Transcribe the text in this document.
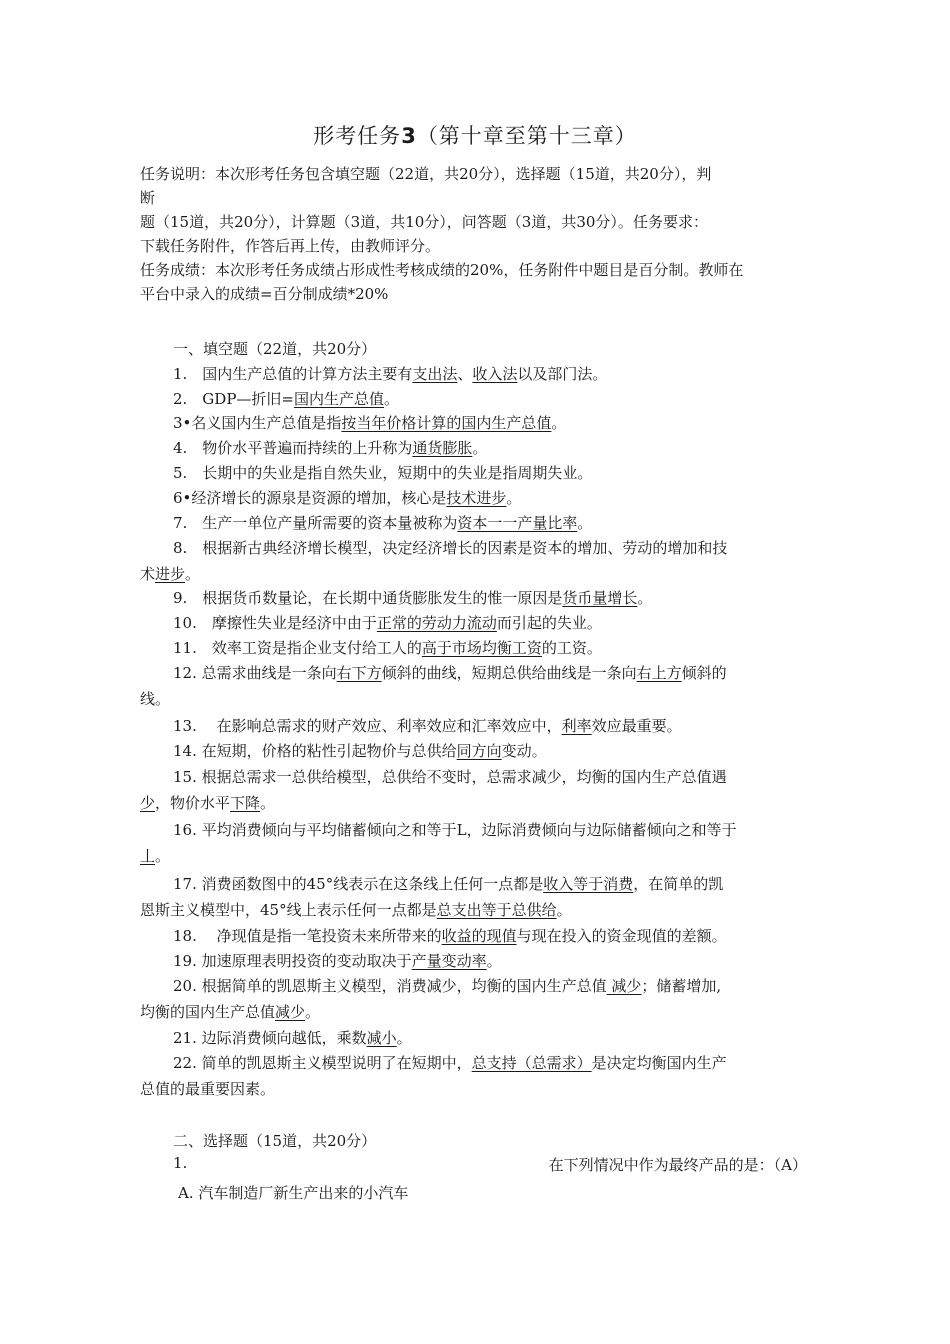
形考任务3（第十章至第十三章）
任务说明：本次形考任务包含填空题（22道，共20分），选择题（15道，共20分），判
断
题（15道，共20分），计算题（3道，共10分），问答题（3道，共30分）。任务要求：
下载任务附件，作答后再上传，由教师评分。
任务成绩：本次形考任务成绩占形成性考核成绩的20%，任务附件中题目是百分制。教师在
平台中录入的成绩=百分制成绩*20%
一、填空题（22道，共20分）
1.　国内生产总值的计算方法主要有支出法、收入法以及部门法。
2.　GDP—折旧=国内生产总值。
3•名义国内生产总值是指按当年价格计算的国内生产总值。
4.　物价水平普遍而持续的上升称为通货膨胀。
5.　长期中的失业是指自然失业，短期中的失业是指周期失业。
6•经济增长的源泉是资源的增加，核心是技术进步。
7.　生产一单位产量所需要的资本量被称为资本一一产量比率。
8.　根据新古典经济增长模型，决定经济增长的因素是资本的增加、劳动的增加和技
术进步。
9.　根据货币数量论，在长期中通货膨胀发生的惟一原因是货币量增长。
10.　摩擦性失业是经济中由于正常的劳动力流动而引起的失业。
11.　效率工资是指企业支付给工人的高于市场均衡工资的工资。
12. 总需求曲线是一条向右下方倾斜的曲线，短期总供给曲线是一条向右上方倾斜的
线。
13.　 在影响总需求的财产效应、利率效应和汇率效应中，利率效应最重要。
14. 在短期，价格的粘性引起物价与总供给同方向变动。
15. 根据总需求一总供给模型，总供给不变时，总需求减少，均衡的国内生产总值遇
少，物价水平下降。
16. 平均消费倾向与平均储蓄倾向之和等于L，边际消费倾向与边际储蓄倾向之和等于
丄。
17. 消费函数图中的45°线表示在这条线上任何一点都是收入等于消费，在简单的凯
恩斯主义模型中，45°线上表示任何一点都是总支出等于总供给。
18.　 净现值是指一笔投资未来所带来的收益的现值与现在投入的资金现值的差额。
19. 加速原理表明投资的变动取决于产量变动率。
20. 根据简单的凯恩斯主义模型，消费减少，均衡的国内生产总值 减少；储蓄增加,
均衡的国内生产总值减少。
21. 边际消费倾向越低，乘数减小。
22. 简单的凯恩斯主义模型说明了在短期中，总支持（总需求）是决定均衡国内生产
总值的最重要因素。
二、选择题（15道，共20分）
1.	在下列情况中作为最终产品的是：（A）
A. 汽车制造厂新生产出来的小汽车
